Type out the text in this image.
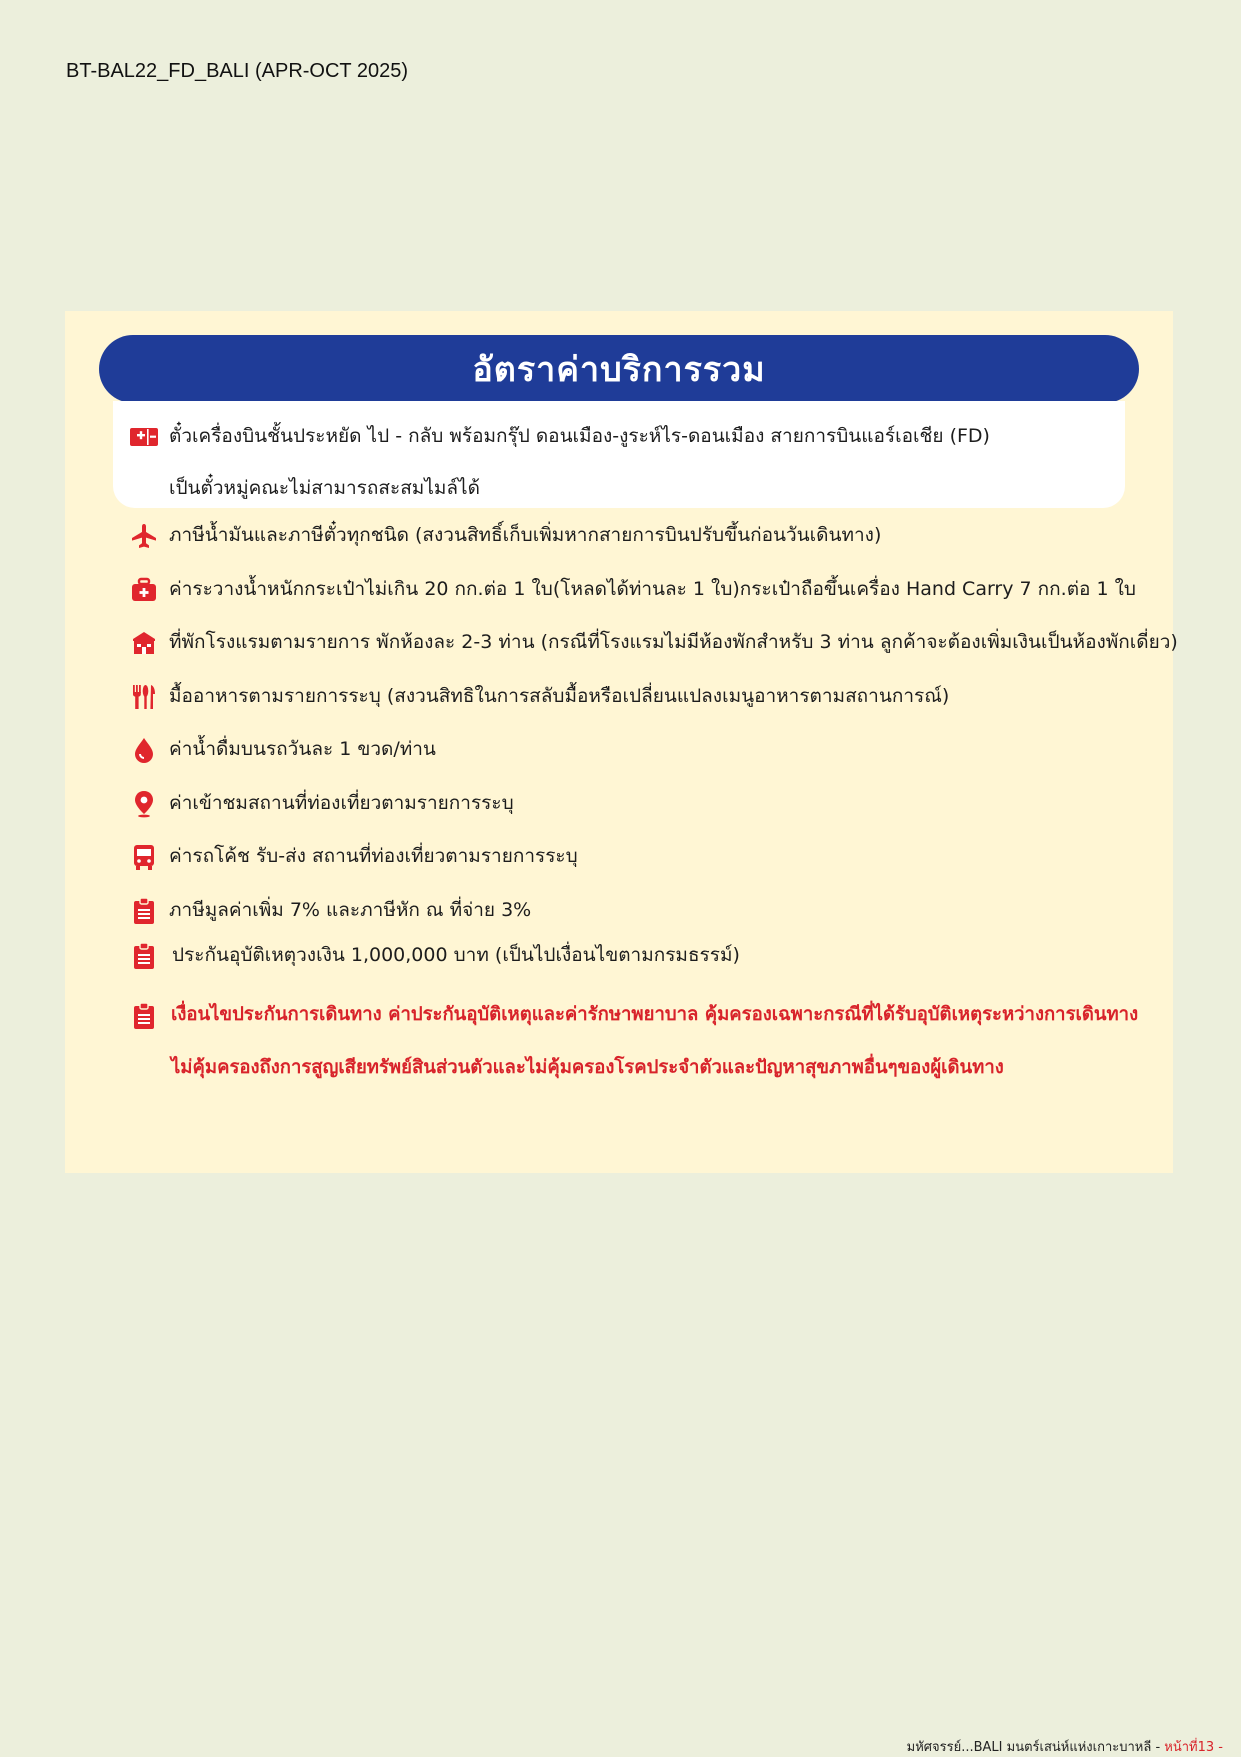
BT-BAL22_FD_BALI (APR-OCT 2025)
อัตราค่าบริการรวม
ตั๋วเครื่องบินชั้นประหยัด ไป - กลับ พร้อมกรุ๊ป ดอนเมือง-งูระห์ไร-ดอนเมือง สายการบินแอร์เอเชีย (FD)
เป็นตั๋วหมู่คณะไม่สามารถสะสมไมล์ได้
ภาษีน้ำมันและภาษีตั๋วทุกชนิด (สงวนสิทธิ์เก็บเพิ่มหากสายการบินปรับขึ้นก่อนวันเดินทาง)
ค่าระวางน้ำหนักกระเป๋าไม่เกิน 20 กก.ต่อ 1 ใบ(โหลดได้ท่านละ 1 ใบ)กระเป๋าถือขึ้นเครื่อง Hand Carry 7 กก.ต่อ 1 ใบ
ที่พักโรงแรมตามรายการ พักห้องละ 2-3 ท่าน (กรณีที่โรงแรมไม่มีห้องพักสำหรับ 3 ท่าน ลูกค้าจะต้องเพิ่มเงินเป็นห้องพักเดี่ยว)
มื้ออาหารตามรายการระบุ (สงวนสิทธิในการสลับมื้อหรือเปลี่ยนแปลงเมนูอาหารตามสถานการณ์)
ค่าน้ำดื่มบนรถวันละ 1 ขวด/ท่าน
ค่าเข้าชมสถานที่ท่องเที่ยวตามรายการระบุ
ค่ารถโค้ช รับ-ส่ง สถานที่ท่องเที่ยวตามรายการระบุ
ภาษีมูลค่าเพิ่ม 7% และภาษีหัก ณ ที่จ่าย 3%
ประกันอุบัติเหตุวงเงิน 1,000,000 บาท (เป็นไปเงื่อนไขตามกรมธรรม์)
เงื่อนไขประกันการเดินทาง ค่าประกันอุบัติเหตุและค่ารักษาพยาบาล คุ้มครองเฉพาะกรณีที่ได้รับอุบัติเหตุระหว่างการเดินทาง
ไม่คุ้มครองถึงการสูญเสียทรัพย์สินส่วนตัวและไม่คุ้มครองโรคประจำตัวและปัญหาสุขภาพอื่นๆของผู้เดินทาง
มหัศจรรย์...BALI มนตร์เสน่ห์แห่งเกาะบาหลี - หน้าที่13 -
